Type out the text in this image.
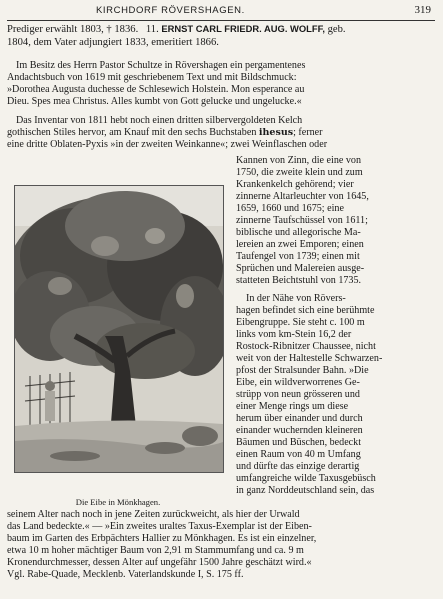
KIRCHDORF RÖVERSHAGEN.	319
Prediger erwählt 1803, † 1836. 11. ERNST CARL FRIEDR. AUG. WOLFF, geb.
1804, dem Vater adjungiert 1833, emeritiert 1866.
Im Besitz des Herrn Pastor Schultze in Rövershagen ein pergamentenes
Andachtsbuch von 1619 mit geschriebenem Text und mit Bildschmuck:
»Dorothea Augusta duchesse de Schlesewich Holstein. Mon esperance au
Dieu. Spes mea Christus. Alles kumbt von Gott gelucke und ungelucke.«
Das Inventar von 1811 hebt noch einen dritten silbervergoldeten Kelch
gothischen Stiles hervor, am Knauf mit den sechs Buchstaben ihesus; ferner
eine dritte Oblaten-Pyxis »in der zweiten Weinkanne«; zwei Weinflaschen oder
Kannen von Zinn, die eine von
1750, die zweite klein und zum
Krankenkelch gehörend; vier
zinnerne Altarleuchter von 1645,
1659, 1660 und 1675; eine
zinnerne Taufschüssel von 1611;
biblische und allegorische Ma-
lereien an zwei Emporen; einen
Taufengel von 1739; einen mit
Sprüchen und Malereien ausge-
statteten Beichtstuhl von 1735.
In der Nähe von Rövers-
hagen befindet sich eine berühmte
Eibengruppe. Sie steht c. 100 m
links vom km-Stein 16,2 der
Rostock-Ribnitzer Chaussee, nicht
weit von der Haltestelle Schwarzen-
pfost der Stralsunder Bahn. »Die
Eibe, ein wildverworrenes Ge-
strüpp von neun grösseren und
einer Menge rings um diese
herum über einander und durch
einander wuchernden kleineren
Bäumen und Büschen, bedeckt
einen Raum von 40 m Umfang
und dürfte das einzige derartig
umfangreiche wilde Taxusgebüsch
in ganz Norddeutschland sein, das
Die Eibe in Mönkhagen.
seinem Alter nach noch in jene Zeiten zurückweicht, als hier der Urwald
das Land bedeckte.« — »Ein zweites uraltes Taxus-Exemplar ist der Eiben-
baum im Garten des Erbpächters Hallier zu Mönkhagen. Es ist ein einzelner,
etwa 10 m hoher mächtiger Baum von 2,91 m Stammumfang und ca. 9 m
Kronendurchmesser, dessen Alter auf ungefähr 1500 Jahre geschätzt wird.«
Vgl. Rabe-Quade, Mecklenb. Vaterlandskunde I, S. 175 ff.
